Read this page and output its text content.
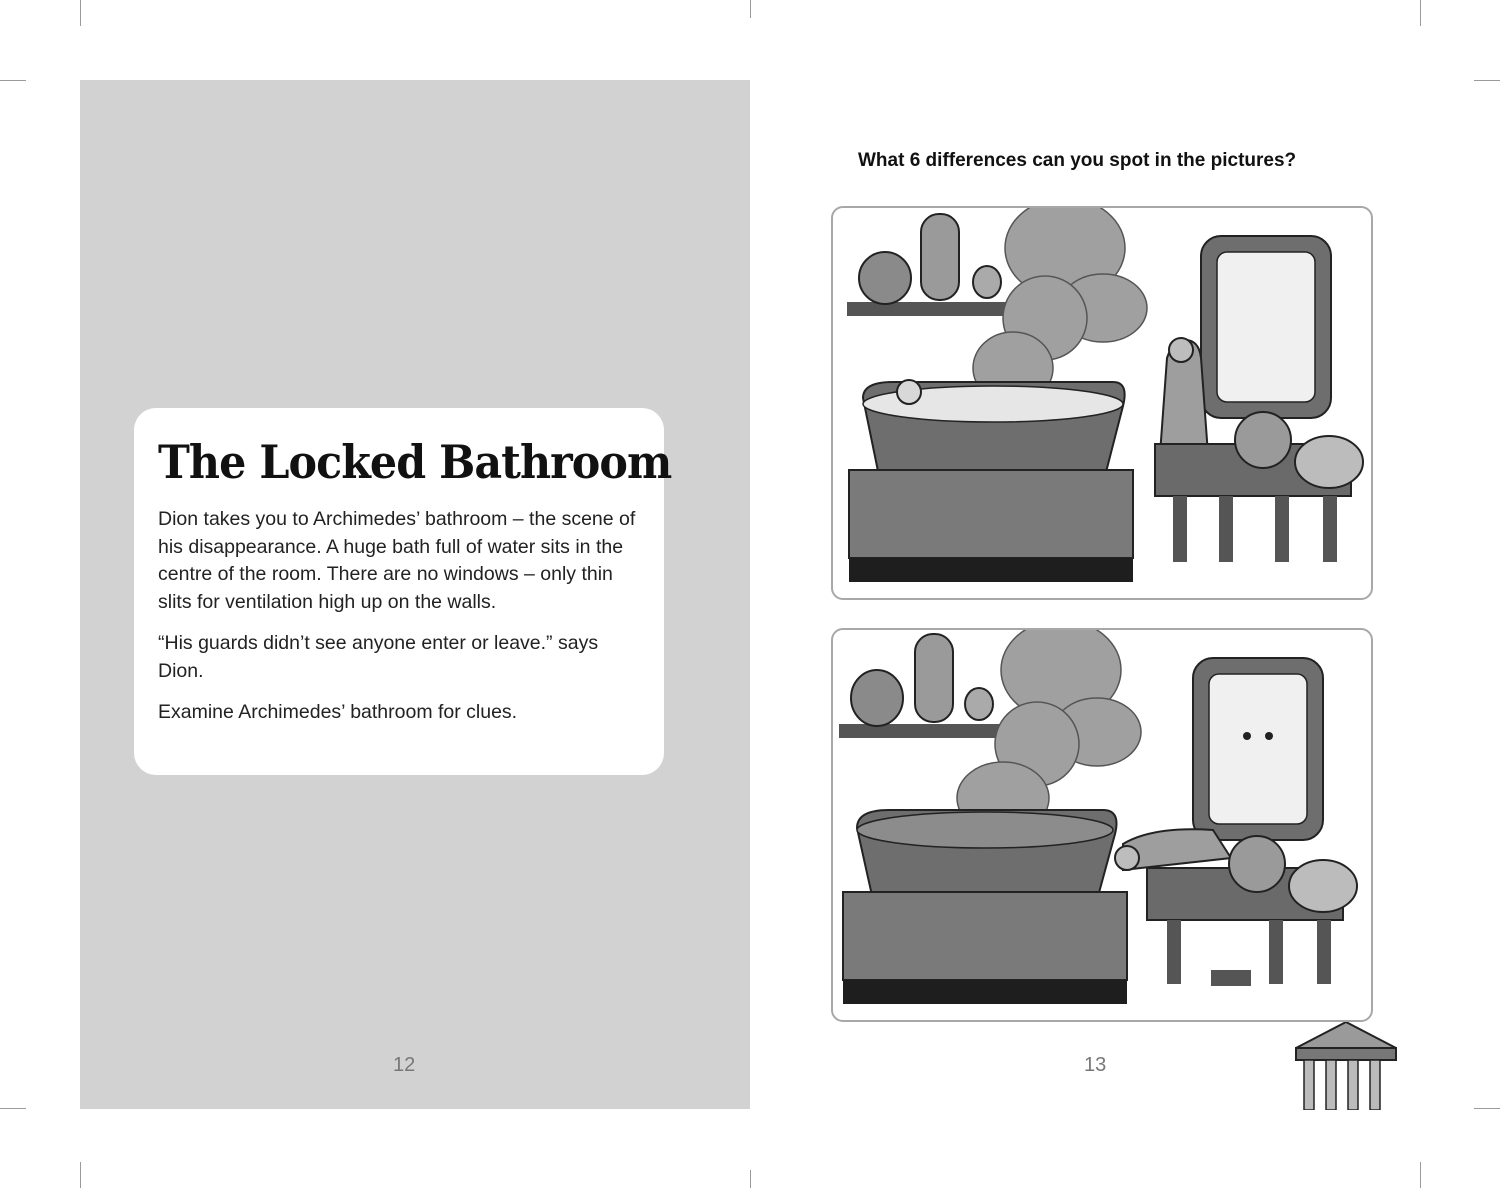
The Locked Bathroom

Dion takes you to Archimedes’ bathroom – the scene of his disappearance. A huge bath full of water sits in the centre of the room. There are no windows – only thin slits for ventilation high up on the walls.

“His guards didn’t see anyone enter or leave.” says Dion.

Examine Archimedes’ bathroom for clues.

12
What 6 differences can you spot in the pictures?
13
